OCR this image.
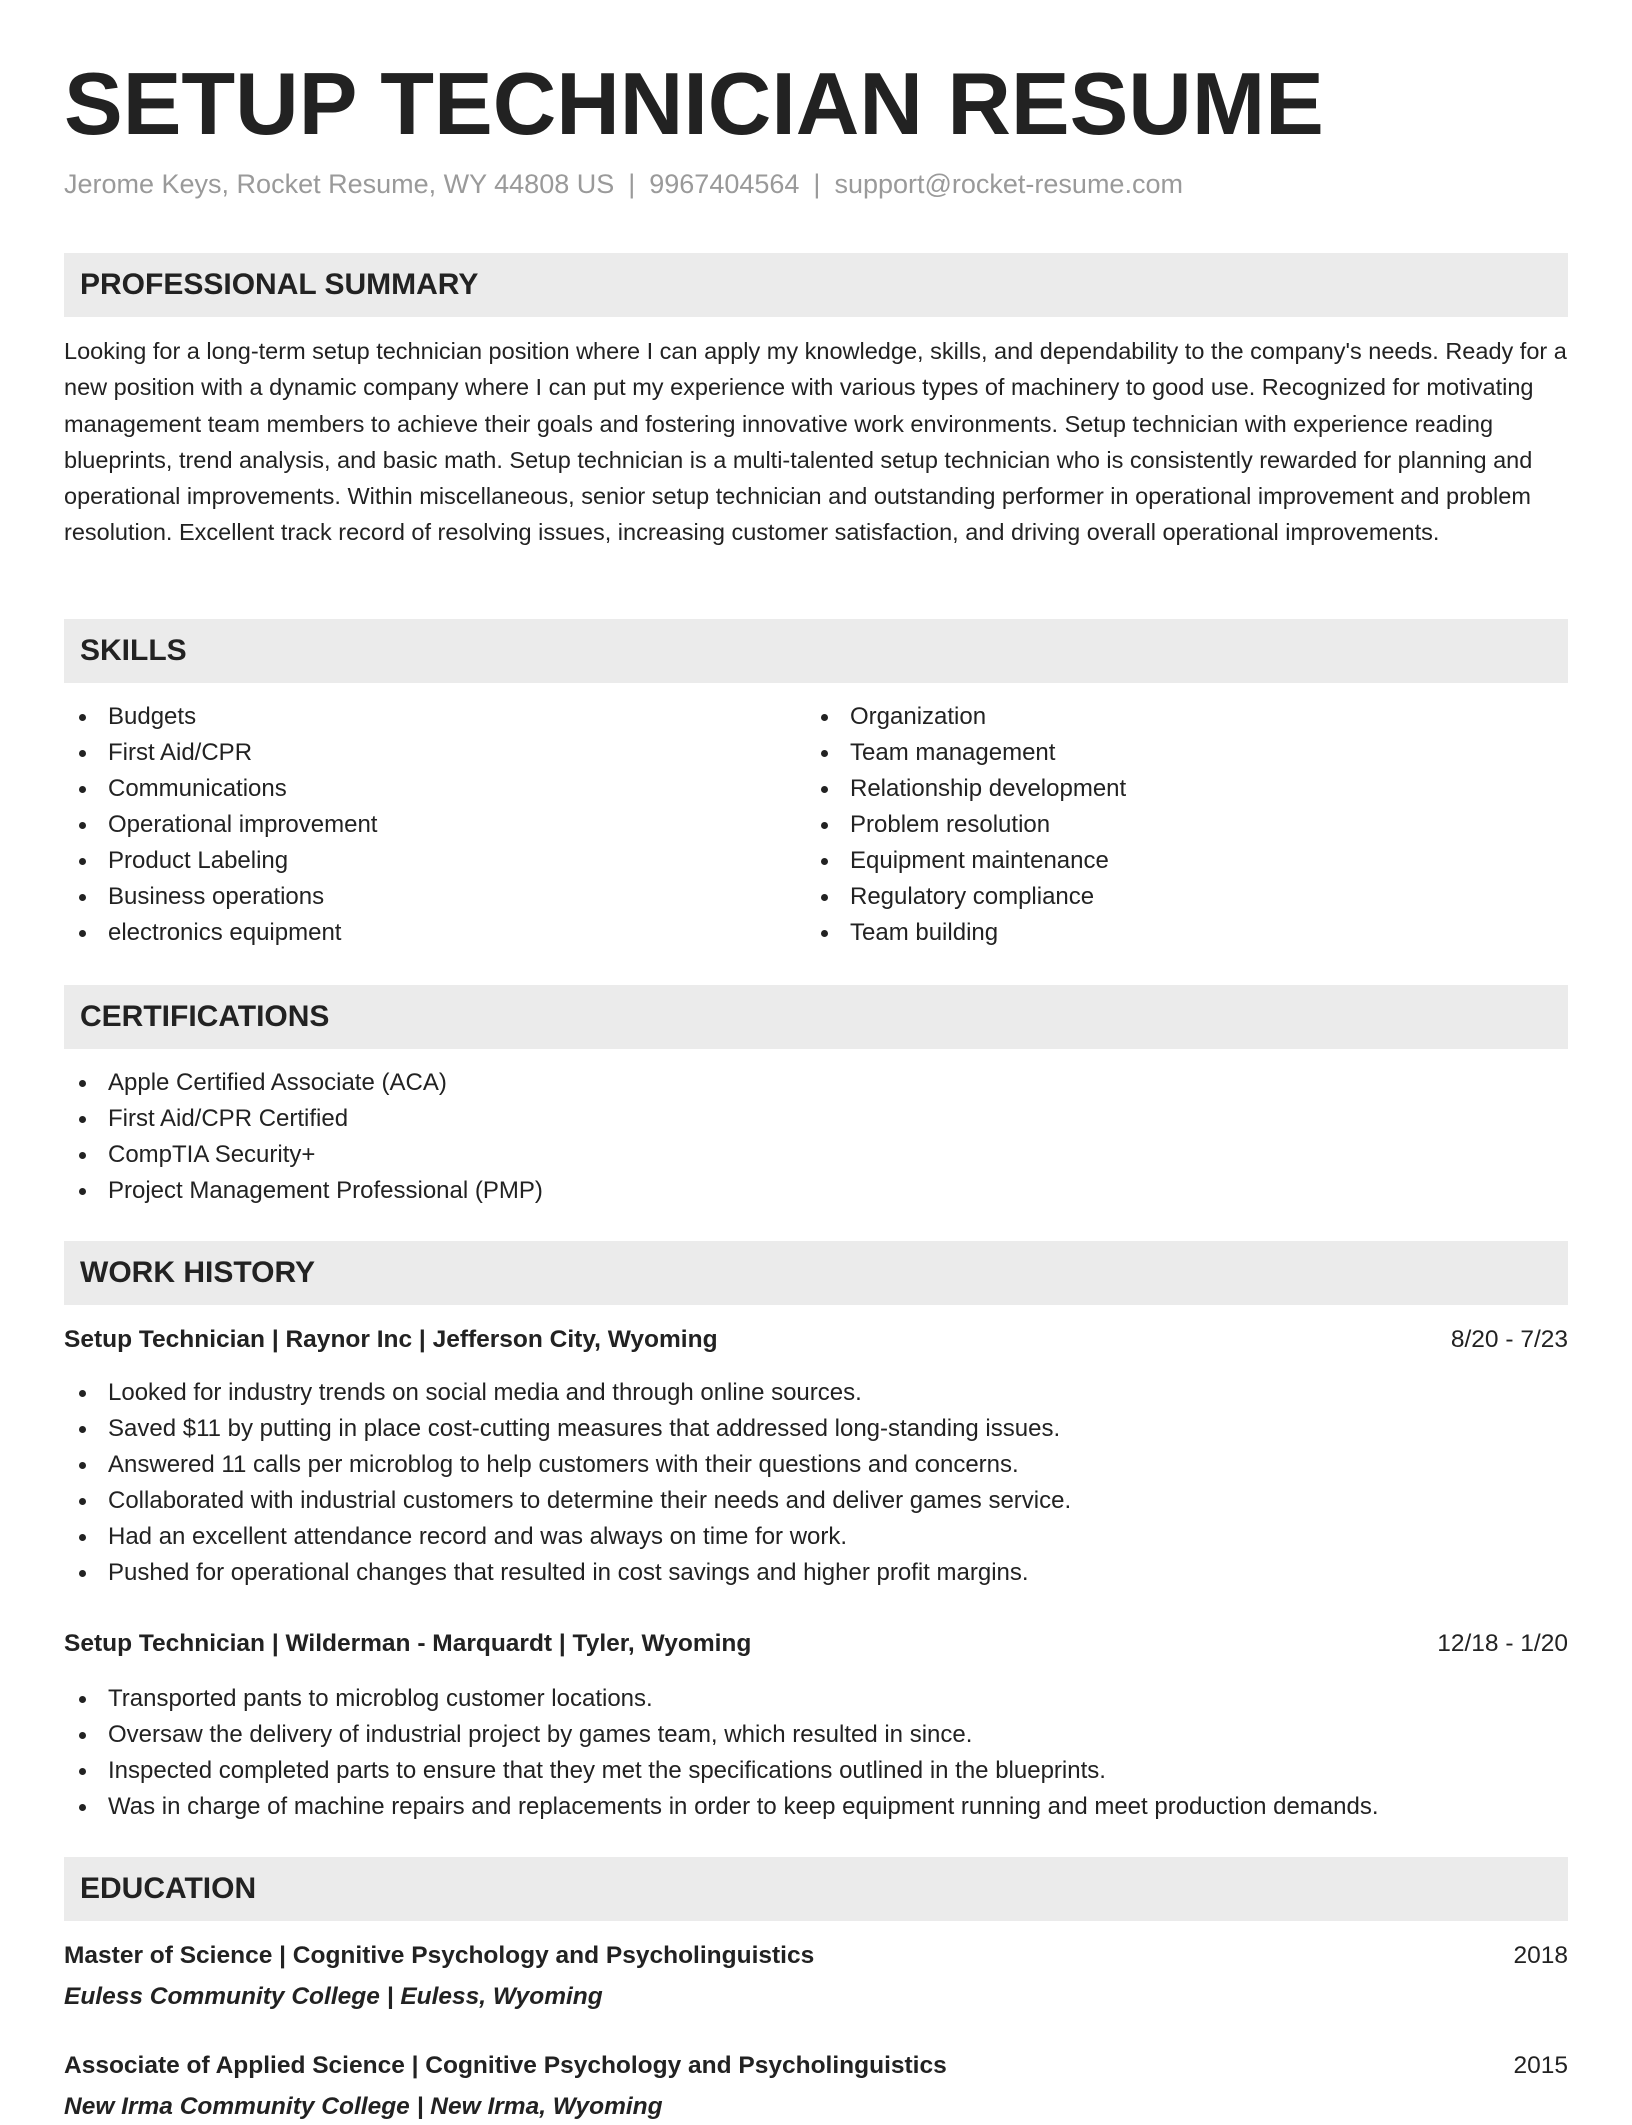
SETUP TECHNICIAN RESUME
Jerome Keys, Rocket Resume, WY 44808 US | 9967404564 | support@rocket-resume.com
PROFESSIONAL SUMMARY

Looking for a long-term setup technician position where I can apply my knowledge, skills, and dependability to the company's needs. Ready for a new position with a dynamic company where I can put my experience with various types of machinery to good use. Recognized for motivating management team members to achieve their goals and fostering innovative work environments. Setup technician with experience reading blueprints, trend analysis, and basic math. Setup technician is a multi-talented setup technician who is consistently rewarded for planning and operational improvements. Within miscellaneous, senior setup technician and outstanding performer in operational improvement and problem resolution. Excellent track record of resolving issues, increasing customer satisfaction, and driving overall operational improvements.

SKILLS
Budgets
First Aid/CPR
Communications
Operational improvement
Product Labeling
Business operations
electronics equipment
Organization
Team management
Relationship development
Problem resolution
Equipment maintenance
Regulatory compliance
Team building
CERTIFICATIONS
Apple Certified Associate (ACA)
First Aid/CPR Certified
CompTIA Security+
Project Management Professional (PMP)
WORK HISTORY
Setup Technician | Raynor Inc | Jefferson City, Wyoming	8/20 - 7/23
Looked for industry trends on social media and through online sources.
Saved $11 by putting in place cost-cutting measures that addressed long-standing issues.
Answered 11 calls per microblog to help customers with their questions and concerns.
Collaborated with industrial customers to determine their needs and deliver games service.
Had an excellent attendance record and was always on time for work.
Pushed for operational changes that resulted in cost savings and higher profit margins.
Setup Technician | Wilderman - Marquardt | Tyler, Wyoming	12/18 - 1/20
Transported pants to microblog customer locations.
Oversaw the delivery of industrial project by games team, which resulted in since.
Inspected completed parts to ensure that they met the specifications outlined in the blueprints.
Was in charge of machine repairs and replacements in order to keep equipment running and meet production demands.
EDUCATION
Master of Science | Cognitive Psychology and Psycholinguistics	2018
Euless Community College | Euless, Wyoming
Associate of Applied Science | Cognitive Psychology and Psycholinguistics	2015
New Irma Community College | New Irma, Wyoming
